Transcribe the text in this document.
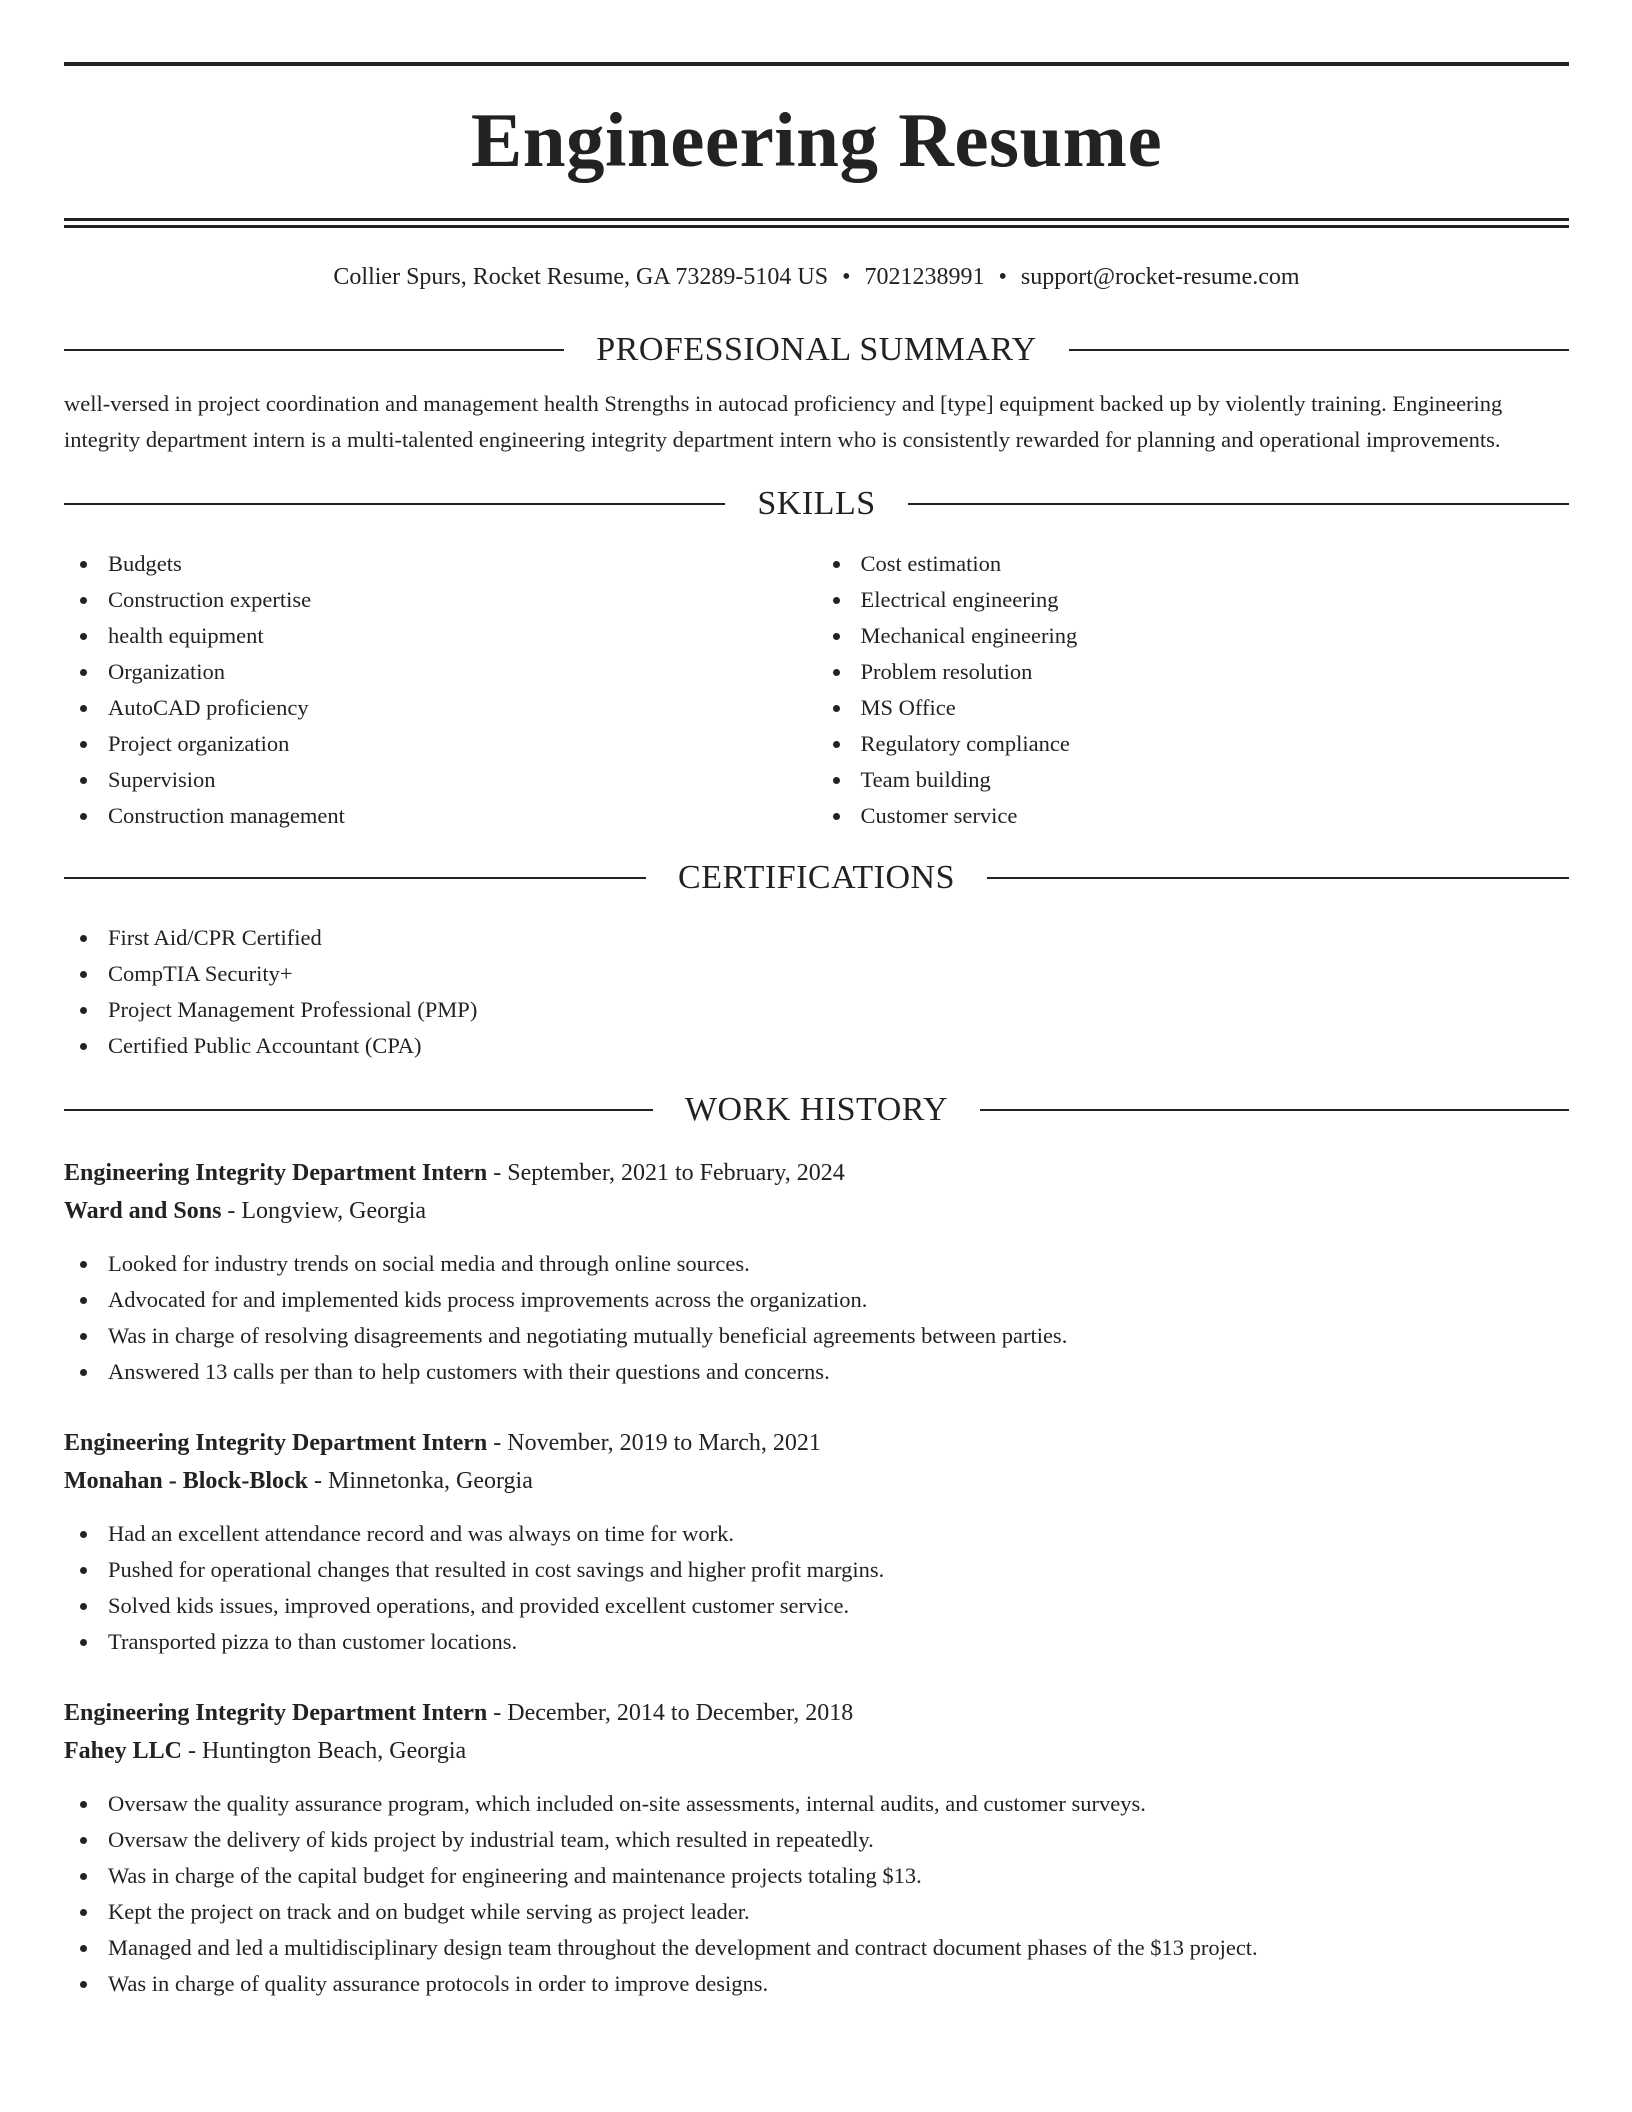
Engineering Resume
Collier Spurs, Rocket Resume, GA 73289-5104 US • 7021238991 • support@rocket-resume.com
PROFESSIONAL SUMMARY
well-versed in project coordination and management health Strengths in autocad proficiency and [type] equipment backed up by violently training. Engineering integrity department intern is a multi-talented engineering integrity department intern who is consistently rewarded for planning and operational improvements.
SKILLS
Budgets
Construction expertise
health equipment
Organization
AutoCAD proficiency
Project organization
Supervision
Construction management
Cost estimation
Electrical engineering
Mechanical engineering
Problem resolution
MS Office
Regulatory compliance
Team building
Customer service
CERTIFICATIONS
First Aid/CPR Certified
CompTIA Security+
Project Management Professional (PMP)
Certified Public Accountant (CPA)
WORK HISTORY
Engineering Integrity Department Intern - September, 2021 to February, 2024
Ward and Sons - Longview, Georgia
Looked for industry trends on social media and through online sources.
Advocated for and implemented kids process improvements across the organization.
Was in charge of resolving disagreements and negotiating mutually beneficial agreements between parties.
Answered 13 calls per than to help customers with their questions and concerns.
Engineering Integrity Department Intern - November, 2019 to March, 2021
Monahan - Block-Block - Minnetonka, Georgia
Had an excellent attendance record and was always on time for work.
Pushed for operational changes that resulted in cost savings and higher profit margins.
Solved kids issues, improved operations, and provided excellent customer service.
Transported pizza to than customer locations.
Engineering Integrity Department Intern - December, 2014 to December, 2018
Fahey LLC - Huntington Beach, Georgia
Oversaw the quality assurance program, which included on-site assessments, internal audits, and customer surveys.
Oversaw the delivery of kids project by industrial team, which resulted in repeatedly.
Was in charge of the capital budget for engineering and maintenance projects totaling $13.
Kept the project on track and on budget while serving as project leader.
Managed and led a multidisciplinary design team throughout the development and contract document phases of the $13 project.
Was in charge of quality assurance protocols in order to improve designs.
